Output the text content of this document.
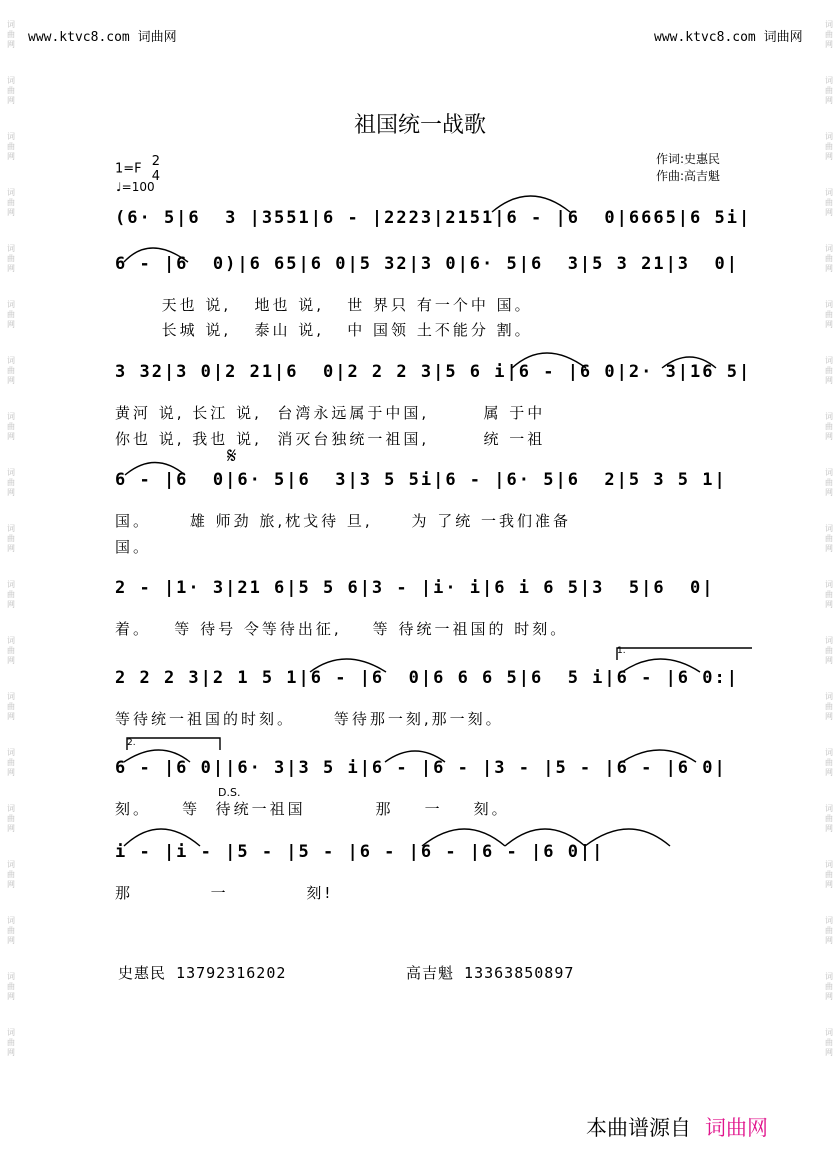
www.ktvc8.com 词曲网	www.ktvc8.com 词曲网
词
曲
网
词
曲
网
词
曲
网
词
曲
网
词
曲
网
词
曲
网
词
曲
网
词
曲
网
词
曲
网
词
曲
网
词
曲
网
词
曲
网
词
曲
网
词
曲
网
词
曲
网
词
曲
网
词
曲
网
词
曲
网
词
曲
网
词
曲
网
词
曲
网
词
曲
网
词
曲
网
词
曲
网
词
曲
网
词
曲
网
词
曲
网
词
曲
网
词
曲
网
词
曲
网
词
曲
网
词
曲
网
词
曲
网
词
曲
网
词
曲
网
词
曲
网
词
曲
网
词
曲
网
祖国统一战歌
1=F 2
4
♩=100
作词:史惠民
作曲:高吉魁
(6· 5|6  3 |3551|6 - |2223|2151|6 - |6  0|6665|6 5i|
6 - |6  0)|6 65|6 0|5 32|3 0|6· 5|6  3|5 3 21|3  0|
天也 说,   地也 说,   世 界只 有一个中 国。
长城 说,   泰山 说,   中 国领 土不能分 割。
3 32|3 0|2 21|6  0|2 2 2 3|5 6 i|6 - |6 0|2· 3|16 5|
黄河 说, 长江 说,  台湾永远属于中国,       属 于中
你也 说, 我也 说,  消灭台独统一祖国,       统 一祖
𝄋
6 - |6  0|6· 5|6  3|3 5 5i|6 - |6· 5|6  2|5 3 5 1|
国。     雄 师劲 旅,枕戈待 旦,     为 了统 一我们准备
国。
2 - |1· 3|21 6|5 5 6|3 - |i· i|6 i 6 5|3  5|6  0|
着。   等 待号 令等待出征,    等 待统一祖国的 时刻。
1.
2 2 2 3|2 1 5 1|6 - |6  0|6 6 6 5|6  5 i|6 - |6 0:|
等待统一祖国的时刻。     等待那一刻,那一刻。
2.
6 - |6 0||6· 3|3 5 i|6 - |6 - |3 - |5 - |6 - |6 0|
D.S.
刻。    等  待统一祖国         那    一    刻。
i - |i - |5 - |5 - |6 - |6 - |6 - |6 0||
那          一          刻!
史惠民 13792316202	高吉魁 13363850897
本曲谱源自 词曲网
